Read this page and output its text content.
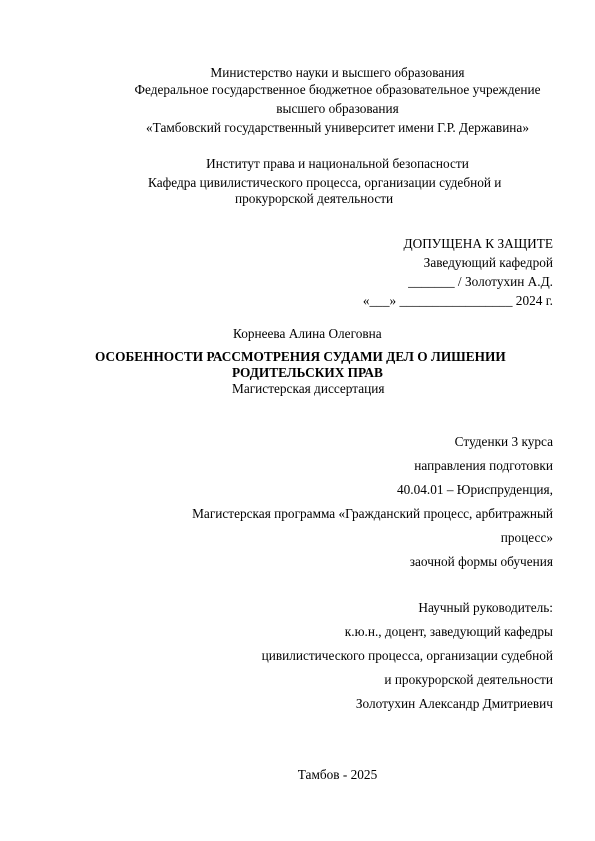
Министерство науки и высшего образования
Федеральное государственное бюджетное образовательное учреждение
высшего образования
«Тамбовский государственный университет имени Г.Р. Державина»
Институт права и национальной безопасности
Кафедра цивилистического процесса, организации судебной и
прокурорской деятельности
ДОПУЩЕНА К ЗАЩИТЕ
Заведующий кафедрой
_______ / Золотухин А.Д.
«___» _________________ 2024 г.
Корнеева Алина Олеговна
ОСОБЕННОСТИ РАССМОТРЕНИЯ СУДАМИ ДЕЛ О ЛИШЕНИИ
РОДИТЕЛЬСКИХ ПРАВ
Магистерская диссертация
Студенки 3 курса
направления подготовки
40.04.01 – Юриспруденция,
Магистерская программа «Гражданский процесс, арбитражный
процесс»
заочной формы обучения
Научный руководитель:
к.ю.н., доцент, заведующий кафедры
цивилистического процесса, организации судебной
и прокурорской деятельности
Золотухин Александр Дмитриевич
Тамбов - 2025
